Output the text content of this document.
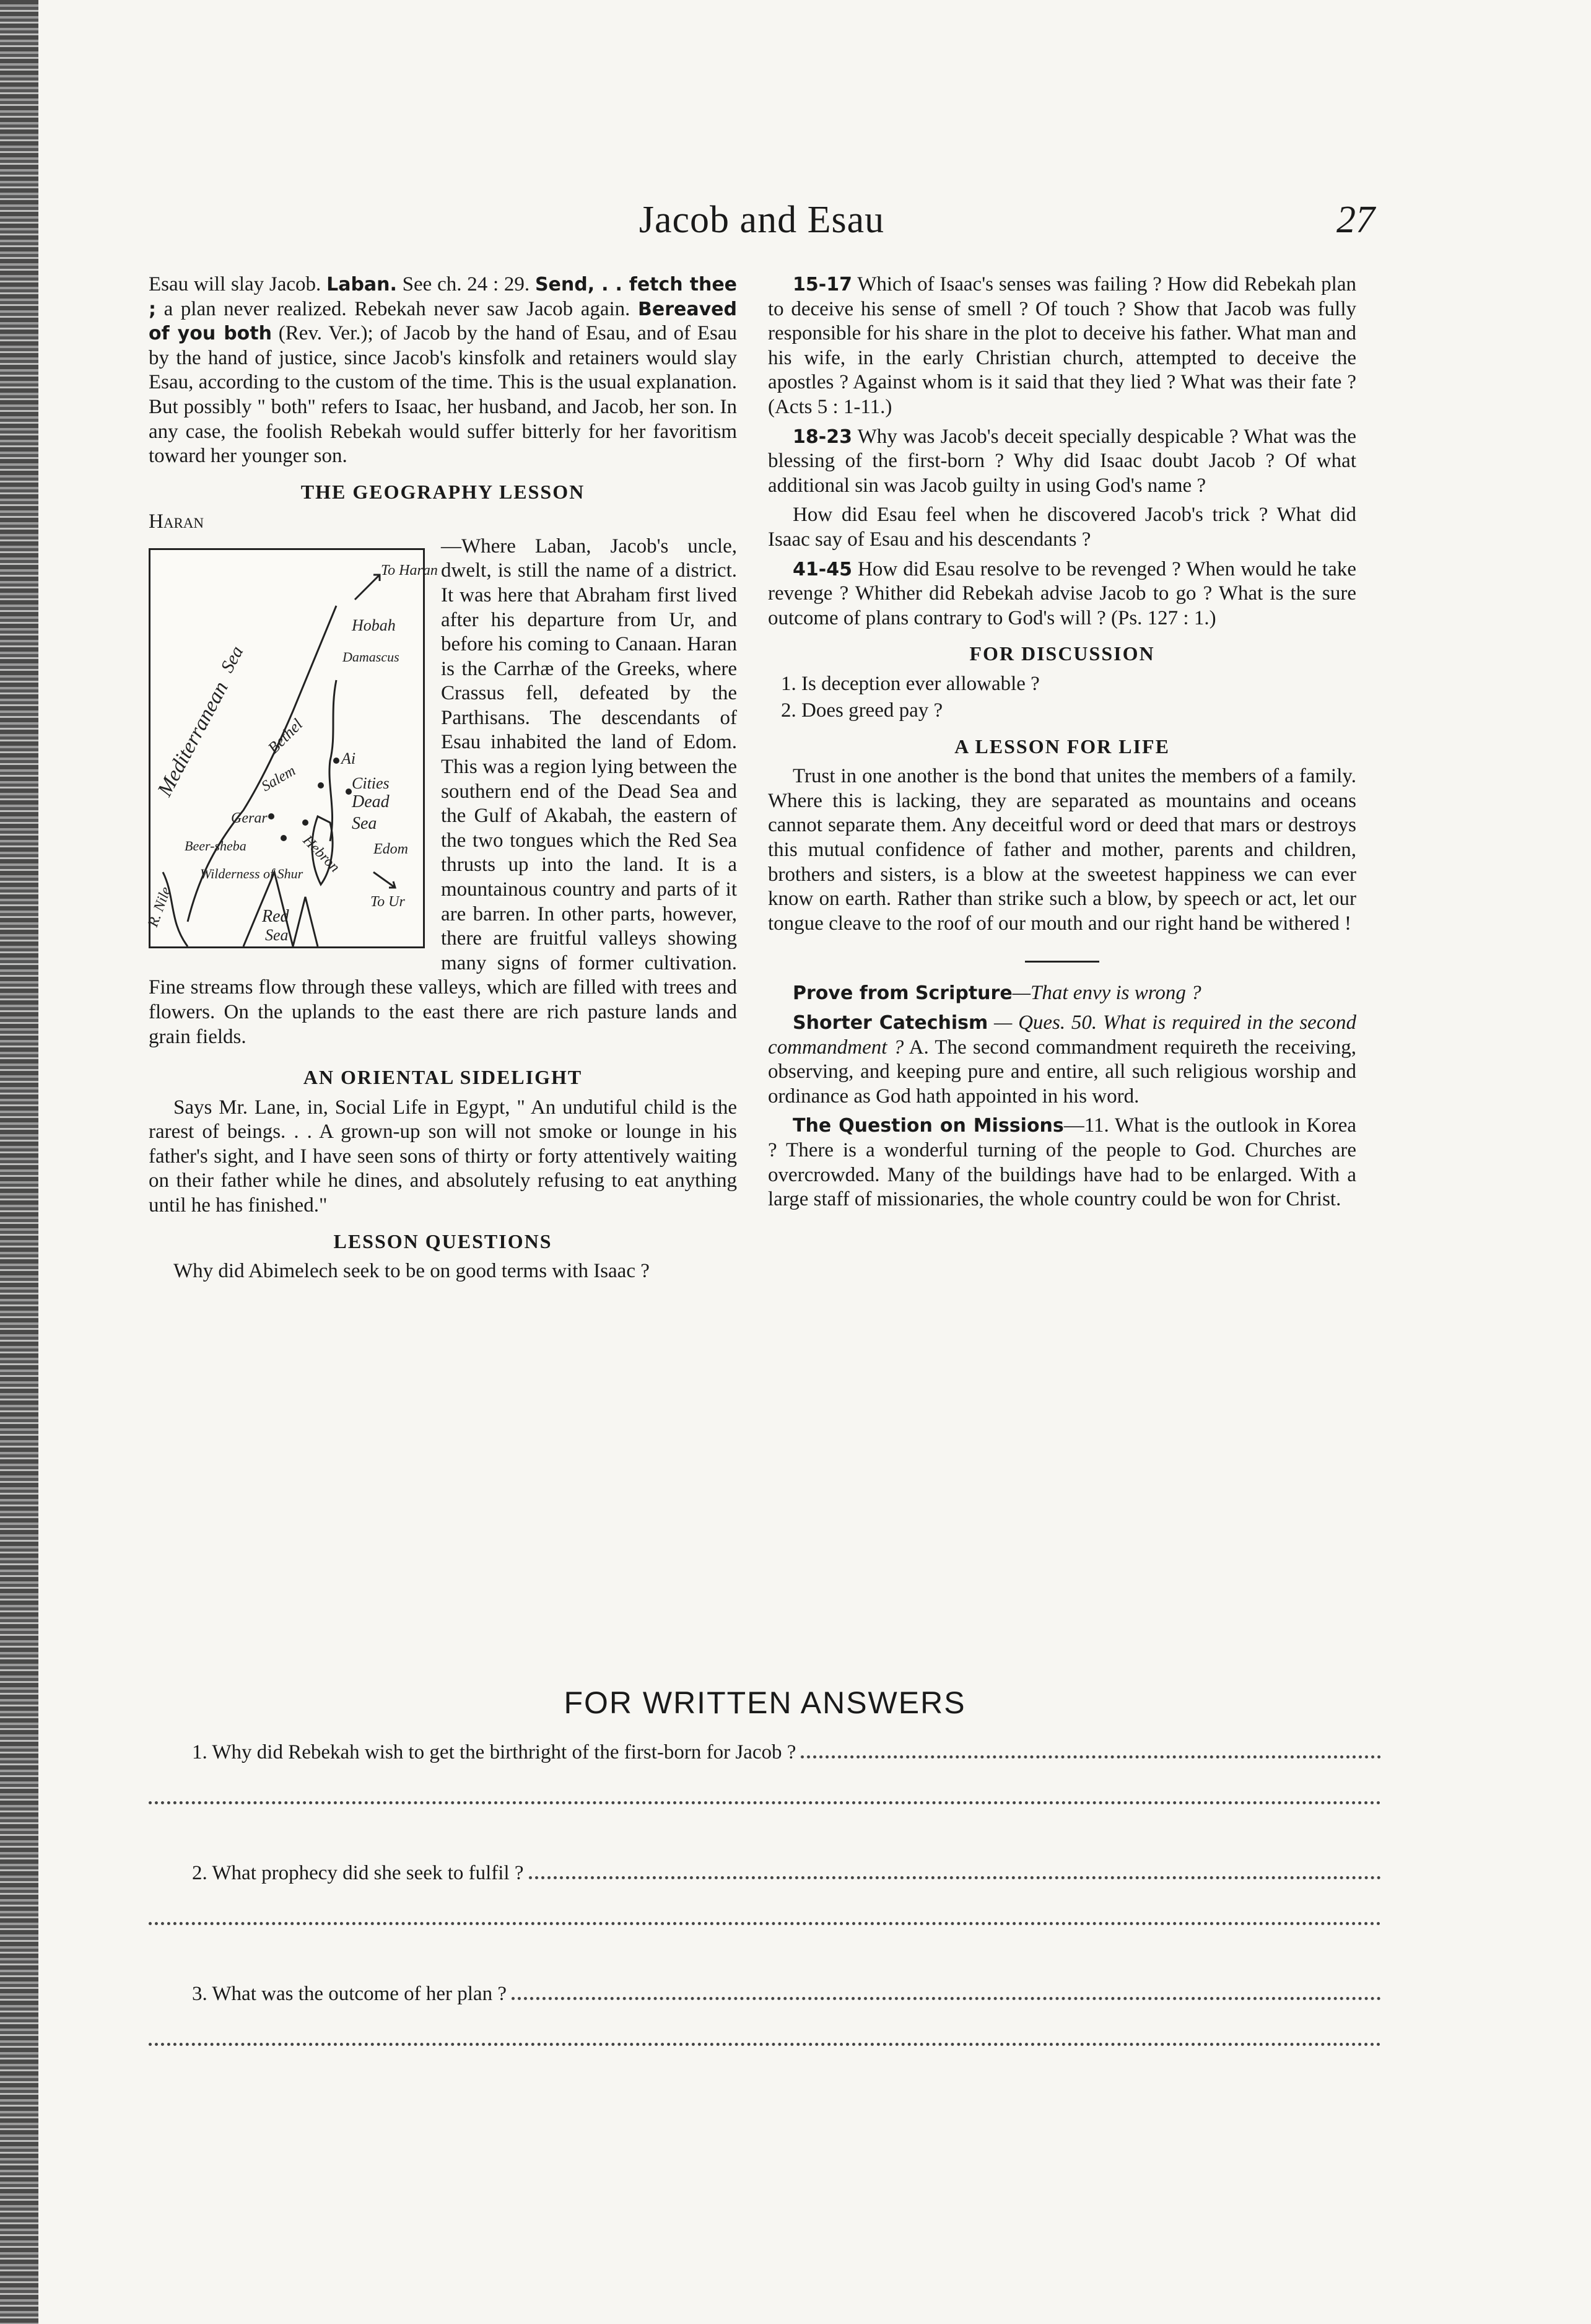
Jacob and Esau	27

Esau will slay Jacob. Laban. See ch. 24 : 29. Send, . . fetch thee ; a plan never realized. Rebekah never saw Jacob again. Bereaved of you both (Rev. Ver.); of Jacob by the hand of Esau, and of Esau by the hand of justice, since Jacob's kinsfolk and retainers would slay Esau, according to the custom of the time. This is the usual explanation. But possibly " both" refers to Isaac, her husband, and Jacob, her son. In any case, the foolish Rebekah would suffer bitterly for her favoritism toward her younger son.

THE GEOGRAPHY LESSON

Haran

To Haran
Hobah
Damascus
Mediterranean
Sea
Bethel
Ai
Salem	Cities
Dead
Sea
Gerar
Beer-sheba	Hebron Edom
Wilderness of Shur
Red
Sea
To Ur
R. Nile

—Where Laban, Jacob's uncle, dwelt, is still the name of a district. It was here that Abraham first lived after his departure from Ur, and before his coming to Canaan. Haran is the Carrhæ of the Greeks, where Crassus fell, defeated by the Parthisans. The descendants of Esau inhabited the land of Edom. This was a region lying between the southern end of the Dead Sea and the Gulf of Akabah, the eastern of the two tongues which the Red Sea thrusts up into the land. It is a mountainous country and parts of it are barren. In other parts, however, there are fruitful valleys showing many signs of former cultivation. Fine streams flow through these valleys, which are filled with trees and flowers. On the uplands to the east there are rich pasture lands and grain fields.

AN ORIENTAL SIDELIGHT

Says Mr. Lane, in, Social Life in Egypt, " An undutiful child is the rarest of beings. . . A grown-up son will not smoke or lounge in his father's sight, and I have seen sons of thirty or forty attentively waiting on their father while he dines, and absolutely refusing to eat anything until he has finished."

LESSON QUESTIONS

Why did Abimelech seek to be on good terms with Isaac ?

15-17 Which of Isaac's senses was failing ? How did Rebekah plan to deceive his sense of smell ? Of touch ? Show that Jacob was fully responsible for his share in the plot to deceive his father. What man and his wife, in the early Christian church, attempted to deceive the apostles ? Against whom is it said that they lied ? What was their fate ? (Acts 5 : 1-11.)

18-23 Why was Jacob's deceit specially despicable ? What was the blessing of the first-born ? Why did Isaac doubt Jacob ? Of what additional sin was Jacob guilty in using God's name ?

How did Esau feel when he discovered Jacob's trick ? What did Isaac say of Esau and his descendants ?

41-45 How did Esau resolve to be revenged ? When would he take revenge ? Whither did Rebekah advise Jacob to go ? What is the sure outcome of plans contrary to God's will ? (Ps. 127 : 1.)

FOR DISCUSSION
1. Is deception ever allowable ?
2. Does greed pay ?
A LESSON FOR LIFE

Trust in one another is the bond that unites the members of a family. Where this is lacking, they are separated as mountains and oceans cannot separate them. Any deceitful word or deed that mars or destroys this mutual confidence of father and mother, parents and children, brothers and sisters, is a blow at the sweetest happiness we can ever know on earth. Rather than strike such a blow, by speech or act, let our tongue cleave to the roof of our mouth and our right hand be withered !

Prove from Scripture—That envy is wrong ?

Shorter Catechism — Ques. 50. What is required in the second commandment ? A. The second commandment requireth the receiving, observing, and keeping pure and entire, all such religious worship and ordinance as God hath appointed in his word.

The Question on Missions—11. What is the outlook in Korea ? There is a wonderful turning of the people to God. Churches are overcrowded. Many of the buildings have had to be enlarged. With a large staff of missionaries, the whole country could be won for Christ.

FOR WRITTEN ANSWERS
1. Why did Rebekah wish to get the birthright of the first-born for Jacob ?
2. What prophecy did she seek to fulfil ?
3. What was the outcome of her plan ?
